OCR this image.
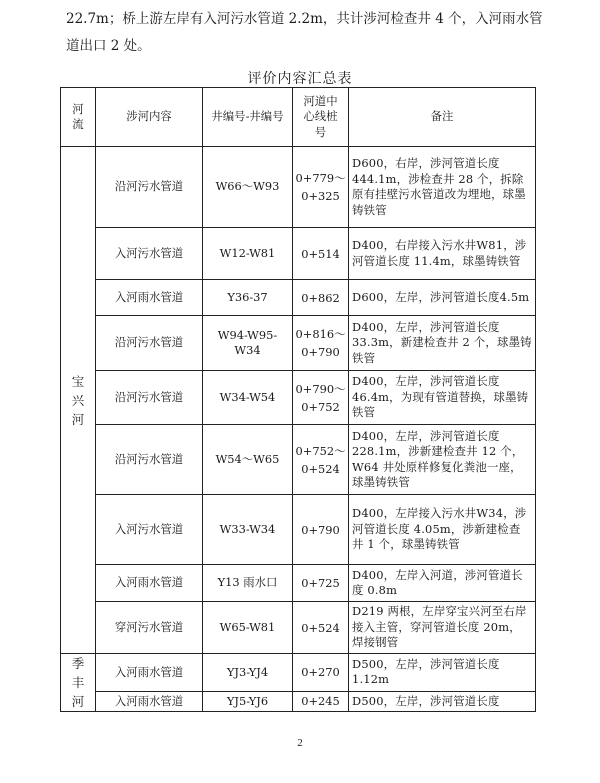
22.7m；桥上游左岸有入河污水管道 2.2m，共计涉河检查井 4 个，入河雨水管道出口 2 处。

评价内容汇总表

河流	涉河内容	井编号-井编号	河道中心线桩号	备注
宝兴河	沿河污水管道	W66～W93	0+779～0+325	D600，右岸，涉河管道长度444.1m，涉检查井 28 个，拆除原有挂壁污水管道改为埋地，球墨铸铁管
	入河污水管道	W12-W81	0+514	D400，右岸接入污水井W81，涉河管道长度 11.4m，球墨铸铁管
	入河雨水管道	Y36-37	0+862	D600，左岸，涉河管道长度4.5m
	沿河污水管道	W94-W95-W34	0+816～0+790	D400，左岸，涉河管道长度33.3m，新建检查井 2 个，球墨铸铁管
	沿河污水管道	W34-W54	0+790～0+752	D400，左岸，涉河管道长度46.4m，为现有管道替换，球墨铸铁管
	沿河污水管道	W54～W65	0+752～0+524	D400，左岸，涉河管道长度228.1m，涉新建检查井 12 个，W64 井处原样修复化粪池一座，球墨铸铁管
	入河污水管道	W33-W34	0+790	D400，左岸接入污水井W34，涉河管道长度 4.05m，涉新建检查井 1 个，球墨铸铁管
	入河雨水管道	Y13 雨水口	0+725	D400，左岸入河道，涉河管道长度 0.8m
	穿河污水管道	W65-W81	0+524	D219 两根，左岸穿宝兴河至右岸接入主管，穿河管道长度 20m，焊接钢管
季丰河	入河雨水管道	YJ3-YJ4	0+270	D500，左岸，涉河管道长度1.12m
	入河雨水管道	YJ5-YJ6	0+245	D500，左岸，涉河管道长度
2
